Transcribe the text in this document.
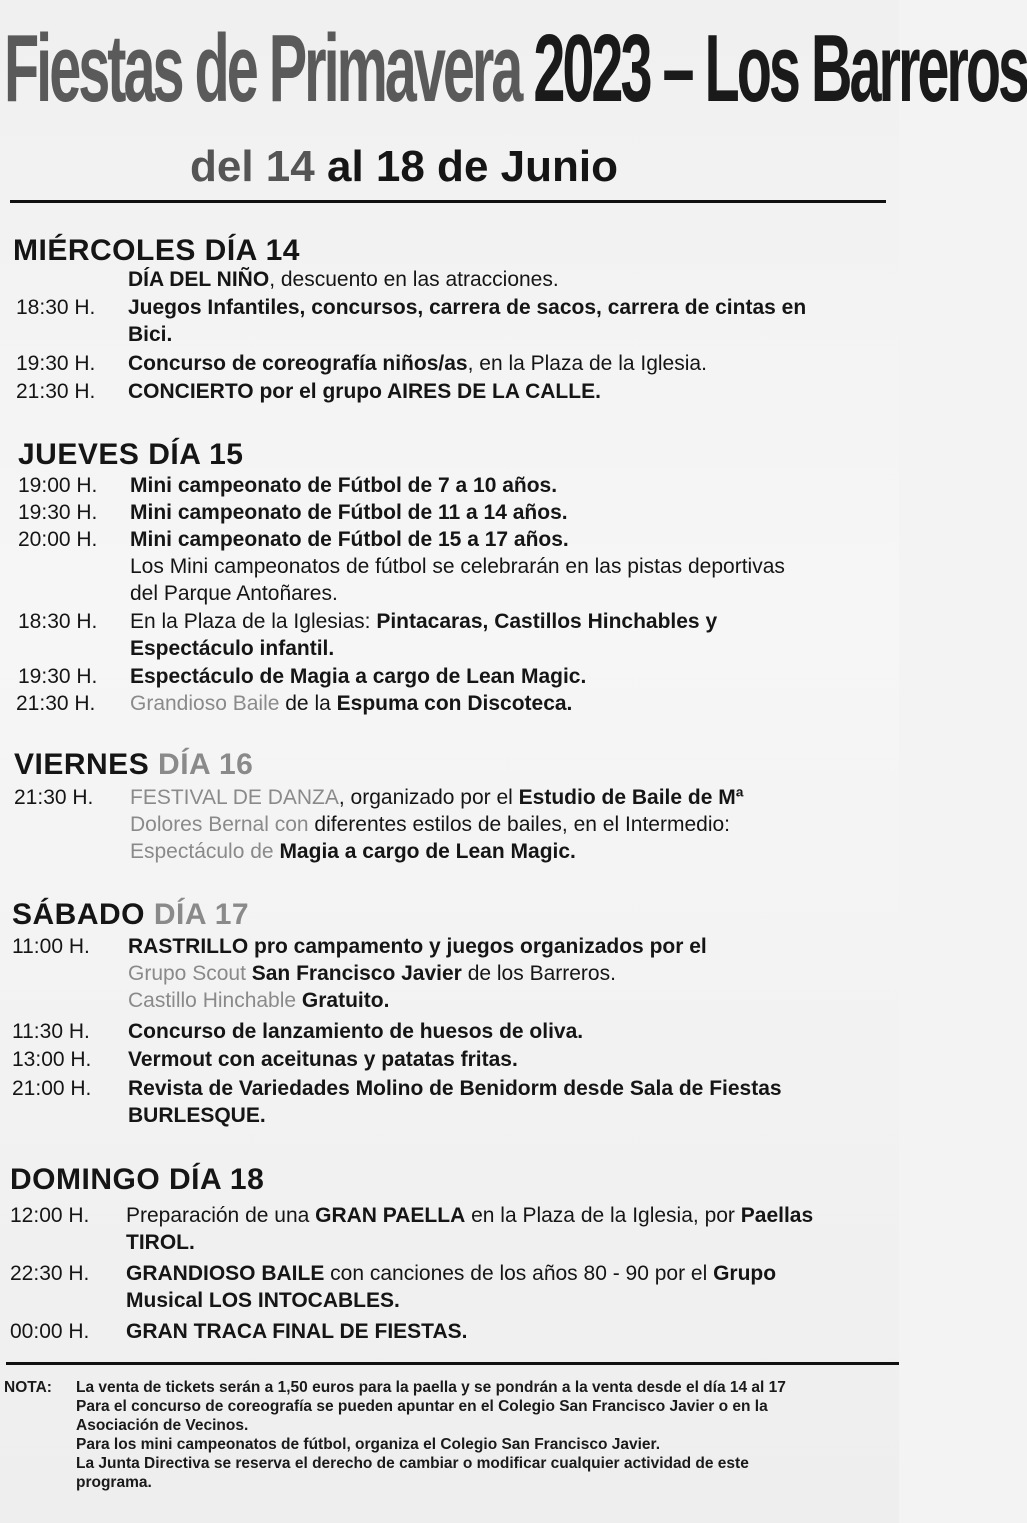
Fiestas de Primavera 2023 – Los Barreros
del 14 al 18 de Junio
MIÉRCOLES DÍA 14
DÍA DEL NIÑO, descuento en las atracciones.
18:30 H. Juegos Infantiles, concursos, carrera de sacos, carrera de cintas en Bici.
19:30 H. Concurso de coreografía niños/as, en la Plaza de la Iglesia.
21:30 H. CONCIERTO por el grupo AIRES DE LA CALLE.
JUEVES DÍA 15
19:00 H. Mini campeonato de Fútbol de 7 a 10 años.
19:30 H. Mini campeonato de Fútbol de 11 a 14 años.
20:00 H. Mini campeonato de Fútbol de 15 a 17 años.
Los Mini campeonatos de fútbol se celebrarán en las pistas deportivas del Parque Antoñares.
18:30 H. En la Plaza de la Iglesias: Pintacaras, Castillos Hinchables y Espectáculo infantil.
19:30 H. Espectáculo de Magia a cargo de Lean Magic.
21:30 H. Grandioso Baile de la Espuma con Discoteca.
VIERNES DÍA 16
21:30 H. FESTIVAL DE DANZA, organizado por el Estudio de Baile de Mª
Dolores Bernal con diferentes estilos de bailes, en el Intermedio:
Espectáculo de Magia a cargo de Lean Magic.
SÁBADO DÍA 17
11:00 H. RASTRILLO pro campamento y juegos organizados por el
Grupo Scout San Francisco Javier de los Barreros.
Castillo Hinchable Gratuito.
11:30 H. Concurso de lanzamiento de huesos de oliva.
13:00 H. Vermout con aceitunas y patatas fritas.
21:00 H. Revista de Variedades Molino de Benidorm desde Sala de Fiestas BURLESQUE.
DOMINGO DÍA 18
12:00 H. Preparación de una GRAN PAELLA en la Plaza de la Iglesia, por Paellas TIROL.
22:30 H. GRANDIOSO BAILE con canciones de los años 80 - 90 por el Grupo Musical LOS INTOCABLES.
00:00 H. GRAN TRACA FINAL DE FIESTAS.
NOTA: La venta de tickets serán a 1,50 euros para la paella y se pondrán a la venta desde el día 14 al 17
Para el concurso de coreografía se pueden apuntar en el Colegio San Francisco Javier o en la
Asociación de Vecinos.
Para los mini campeonatos de fútbol, organiza el Colegio San Francisco Javier.
La Junta Directiva se reserva el derecho de cambiar o modificar cualquier actividad de este
programa.
